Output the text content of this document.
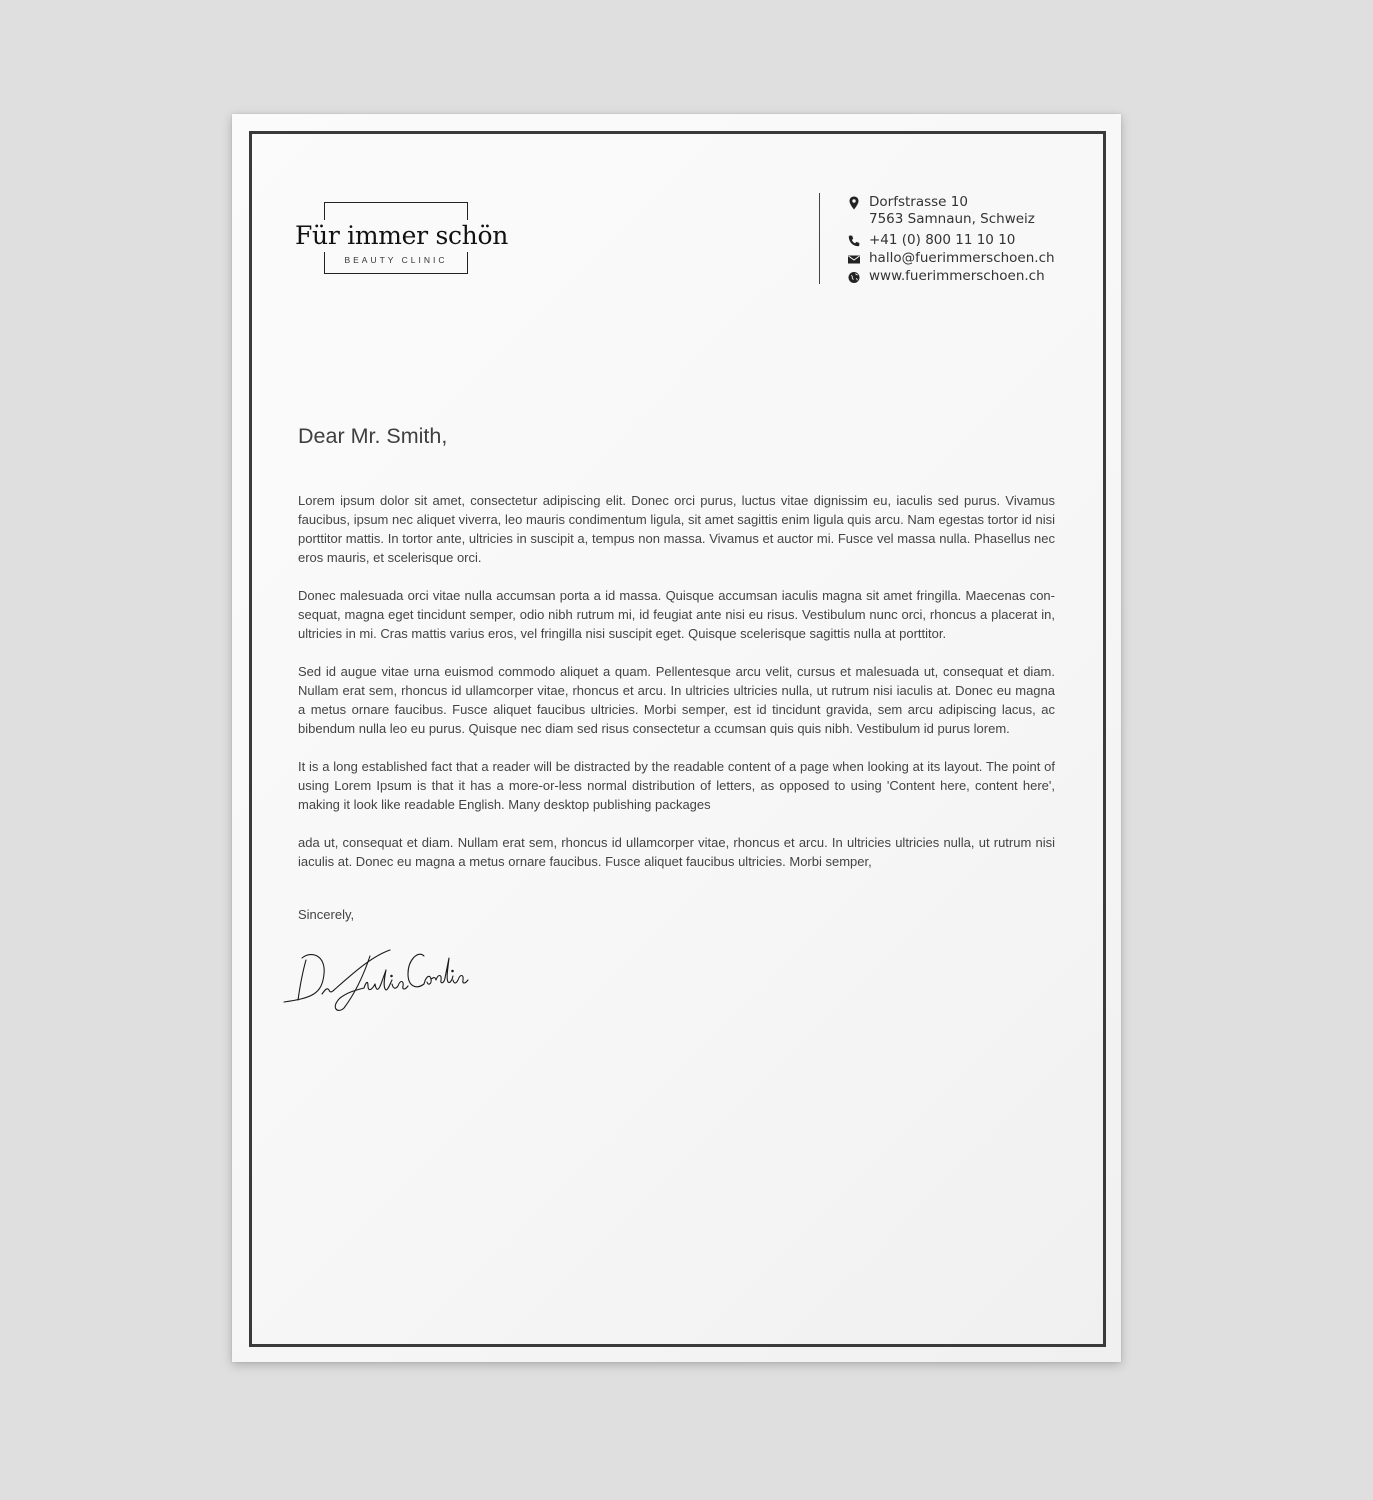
Für immer schön
BEAUTY CLINIC
Dorfstrasse 10
7563 Samnaun, Schweiz
+41 (0) 800 11 10 10
hallo@fuerimmerschoen.ch
www.fuerimmerschoen.ch
Dear Mr. Smith,

Lorem ipsum dolor sit amet, consectetur adipiscing elit. Donec orci purus, luctus vitae dignissim eu, iaculis sed purus. Vivamus faucibus, ipsum nec aliquet viverra, leo mauris condimentum ligula, sit amet sagittis enim ligula quis arcu. Nam egestas tortor id nisi porttitor mattis. In tortor ante, ultricies in suscipit a, tempus non massa. Vivamus et auctor mi. Fusce vel massa nulla. Phasellus nec eros mauris, et scelerisque orci.

Donec malesuada orci vitae nulla accumsan porta a id massa. Quisque accumsan iaculis magna sit amet fringilla. Maecenas con-sequat, magna eget tincidunt semper, odio nibh rutrum mi, id feugiat ante nisi eu risus. Vestibulum nunc orci, rhoncus a placerat in, ultricies in mi. Cras mattis varius eros, vel fringilla nisi suscipit eget. Quisque scelerisque sagittis nulla at porttitor.

Sed id augue vitae urna euismod commodo aliquet a quam. Pellentesque arcu velit, cursus et malesuada ut, consequat et diam. Nullam erat sem, rhoncus id ullamcorper vitae, rhoncus et arcu. In ultricies ultricies nulla, ut rutrum nisi iaculis at. Donec eu magna a metus ornare faucibus. Fusce aliquet faucibus ultricies. Morbi semper, est id tincidunt gravida, sem arcu adipiscing lacus, ac bibendum nulla leo eu purus. Quisque nec diam sed risus consectetur a ccumsan quis quis nibh. Vestibulum id purus lorem.

It is a long established fact that a reader will be distracted by the readable content of a page when looking at its layout. The point of using Lorem Ipsum is that it has a more-or-less normal distribution of letters, as opposed to using 'Content here, content here', making it look like readable English. Many desktop publishing packages

ada ut, consequat et diam. Nullam erat sem, rhoncus id ullamcorper vitae, rhoncus et arcu. In ultricies ultricies nulla, ut rutrum nisi iaculis at. Donec eu magna a metus ornare faucibus. Fusce aliquet faucibus ultricies. Morbi semper,

Sincerely,
